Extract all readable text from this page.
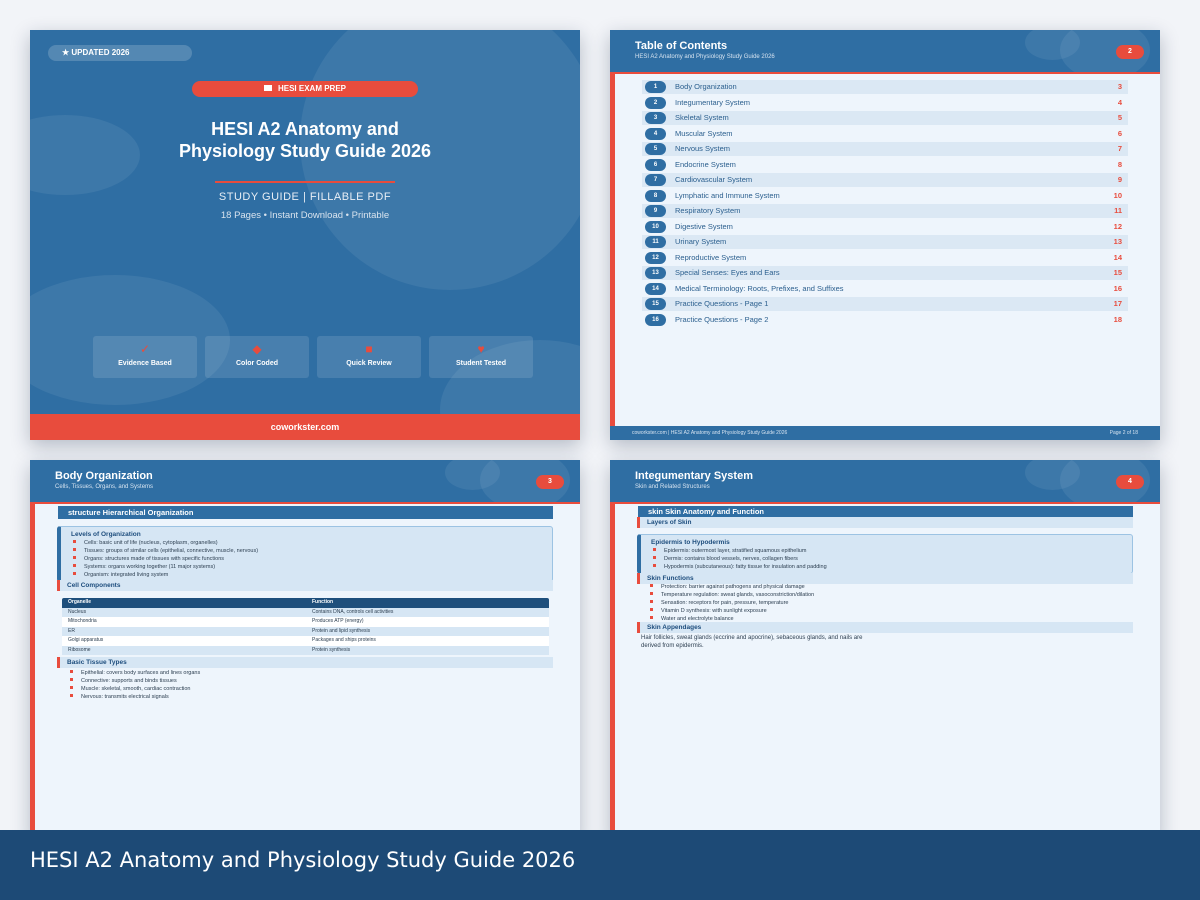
★ UPDATED 2026
HESI EXAM PREP
HESI A2 Anatomy and
Physiology Study Guide 2026
STUDY GUIDE | FILLABLE PDF
18 Pages • Instant Download • Printable
✓
Evidence Based
◆
Color Coded
■
Quick Review
♥
Student Tested
coworkster.com
Table of Contents
HESI A2 Anatomy and Physiology Study Guide 2026
2
1	Body Organization	3
2	Integumentary System	4
3	Skeletal System	5
4	Muscular System	6
5	Nervous System	7
6	Endocrine System	8
7	Cardiovascular System	9
8	Lymphatic and Immune System	10
9	Respiratory System	11
10	Digestive System	12
11	Urinary System	13
12	Reproductive System	14
13	Special Senses: Eyes and Ears	15
14	Medical Terminology: Roots, Prefixes, and Suffixes	16
15	Practice Questions - Page 1	17
16	Practice Questions - Page 2	18
coworkster.com | HESI A2 Anatomy and Physiology Study Guide 2026	Page 2 of 18
Body Organization
Cells, Tissues, Organs, and Systems
3
structure Hierarchical Organization
Levels of Organization
Cells: basic unit of life (nucleus, cytoplasm, organelles)
Tissues: groups of similar cells (epithelial, connective, muscle, nervous)
Organs: structures made of tissues with specific functions
Systems: organs working together (11 major systems)
Organism: integrated living system
Cell Components
Organelle	Function
Nucleus	Contains DNA, controls cell activities
Mitochondria	Produces ATP (energy)
ER	Protein and lipid synthesis
Golgi apparatus	Packages and ships proteins
Ribosome	Protein synthesis
Basic Tissue Types
Epithelial: covers body surfaces and lines organs
Connective: supports and binds tissues
Muscle: skeletal, smooth, cardiac contraction
Nervous: transmits electrical signals
Integumentary System
Skin and Related Structures
4
skin Skin Anatomy and Function
Layers of Skin
Epidermis to Hypodermis
Epidermis: outermost layer, stratified squamous epithelium
Dermis: contains blood vessels, nerves, collagen fibers
Hypodermis (subcutaneous): fatty tissue for insulation and padding
Skin Functions
Protection: barrier against pathogens and physical damage
Temperature regulation: sweat glands, vasoconstriction/dilation
Sensation: receptors for pain, pressure, temperature
Vitamin D synthesis: with sunlight exposure
Water and electrolyte balance
Skin Appendages
Hair follicles, sweat glands (eccrine and apocrine), sebaceous glands, and nails are
derived from epidermis.
HESI A2 Anatomy and Physiology Study Guide 2026
